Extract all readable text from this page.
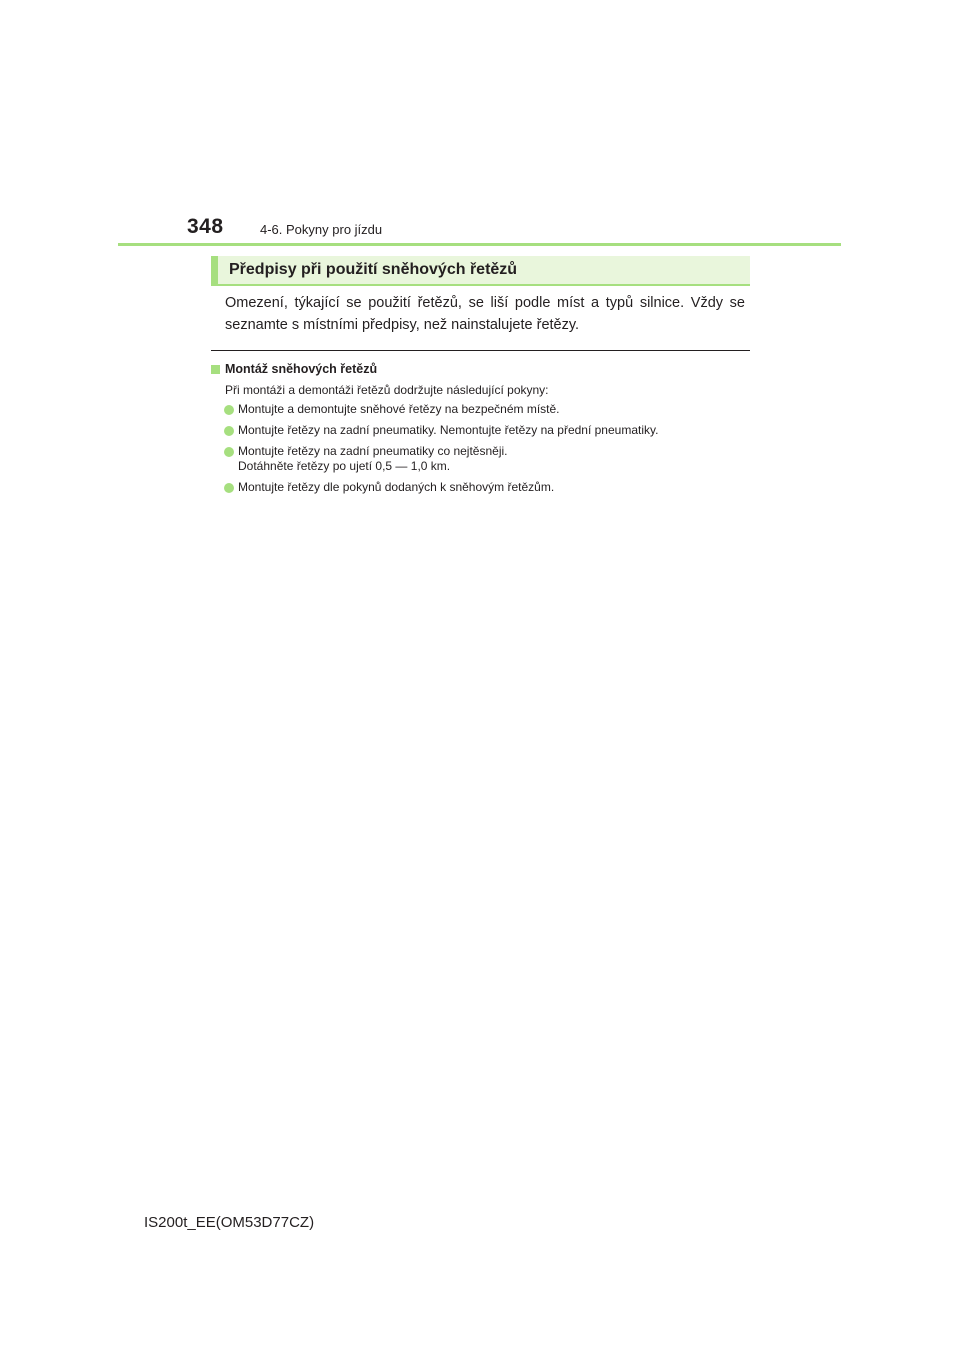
348	4-6. Pokyny pro jízdu
Předpisy při použití sněhových řetězů

Omezení, týkající se použití řetězů, se liší podle míst a typů silnice. Vždy se seznamte s místními předpisy, než nainstalujete řetězy.

Montáž sněhových řetězů
Při montáži a demontáži řetězů dodržujte následující pokyny:
Montujte a demontujte sněhové řetězy na bezpečném místě.
Montujte řetězy na zadní pneumatiky. Nemontujte řetězy na přední pneumatiky.
Montujte řetězy na zadní pneumatiky co nejtěsněji.
Dotáhněte řetězy po ujetí 0,5 — 1,0 km.
Montujte řetězy dle pokynů dodaných k sněhovým řetězům.
IS200t_EE(OM53D77CZ)
